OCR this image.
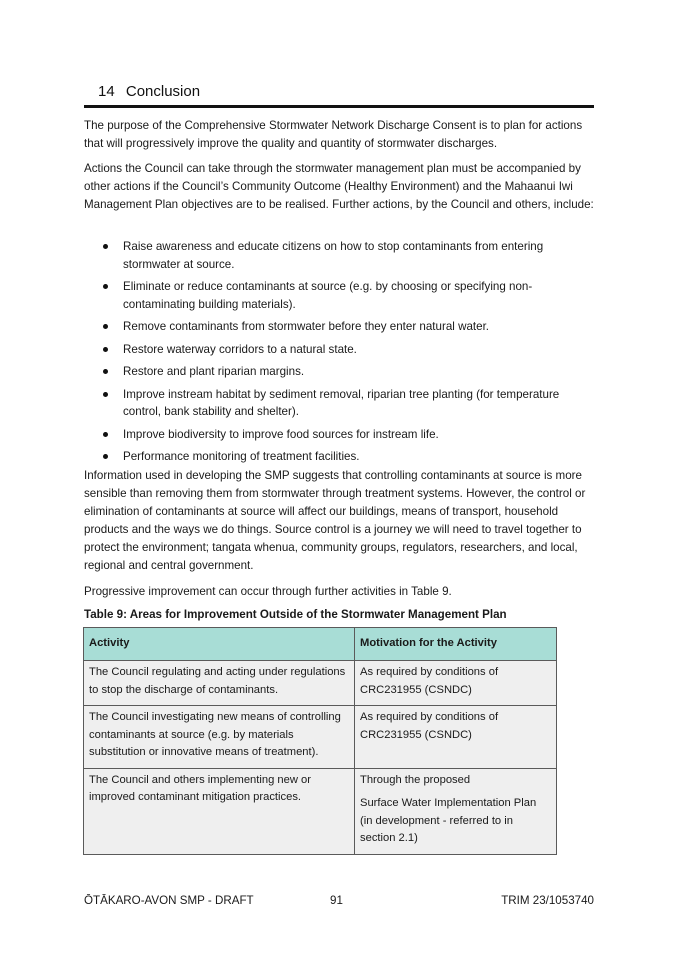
14 Conclusion

The purpose of the Comprehensive Stormwater Network Discharge Consent is to plan for actions that will progressively improve the quality and quantity of stormwater discharges.

Actions the Council can take through the stormwater management plan must be accompanied by other actions if the Council’s Community Outcome (Healthy Environment) and the Mahaanui Iwi Management Plan objectives are to be realised. Further actions, by the Council and others, include:

Raise awareness and educate citizens on how to stop contaminants from entering stormwater at source.
Eliminate or reduce contaminants at source (e.g. by choosing or specifying non-contaminating building materials).
Remove contaminants from stormwater before they enter natural water.
Restore waterway corridors to a natural state.
Restore and plant riparian margins.
Improve instream habitat by sediment removal, riparian tree planting (for temperature control, bank stability and shelter).
Improve biodiversity to improve food sources for instream life.
Performance monitoring of treatment facilities.

Information used in developing the SMP suggests that controlling contaminants at source is more sensible than removing them from stormwater through treatment systems. However, the control or elimination of contaminants at source will affect our buildings, means of transport, household products and the ways we do things. Source control is a journey we will need to travel together to protect the environment; tangata whenua, community groups, regulators, researchers, and local, regional and central government.

Progressive improvement can occur through further activities in Table 9.

Table 9: Areas for Improvement Outside of the Stormwater Management Plan

Activity	Motivation for the Activity
The Council regulating and acting under regulations to stop the discharge of contaminants.	As required by conditions of CRC231955 (CSNDC)

The Council investigating new means of controlling contaminants at source (e.g. by materials substitution or innovative means of treatment).	As required by conditions of CRC231955 (CSNDC)

The Council and others implementing new or improved contaminant mitigation practices.	Through the proposed

Surface Water Implementation Plan (in development - referred to in section 2.1)

ŌTĀKARO-AVON SMP - DRAFT	91	TRIM 23/1053740
